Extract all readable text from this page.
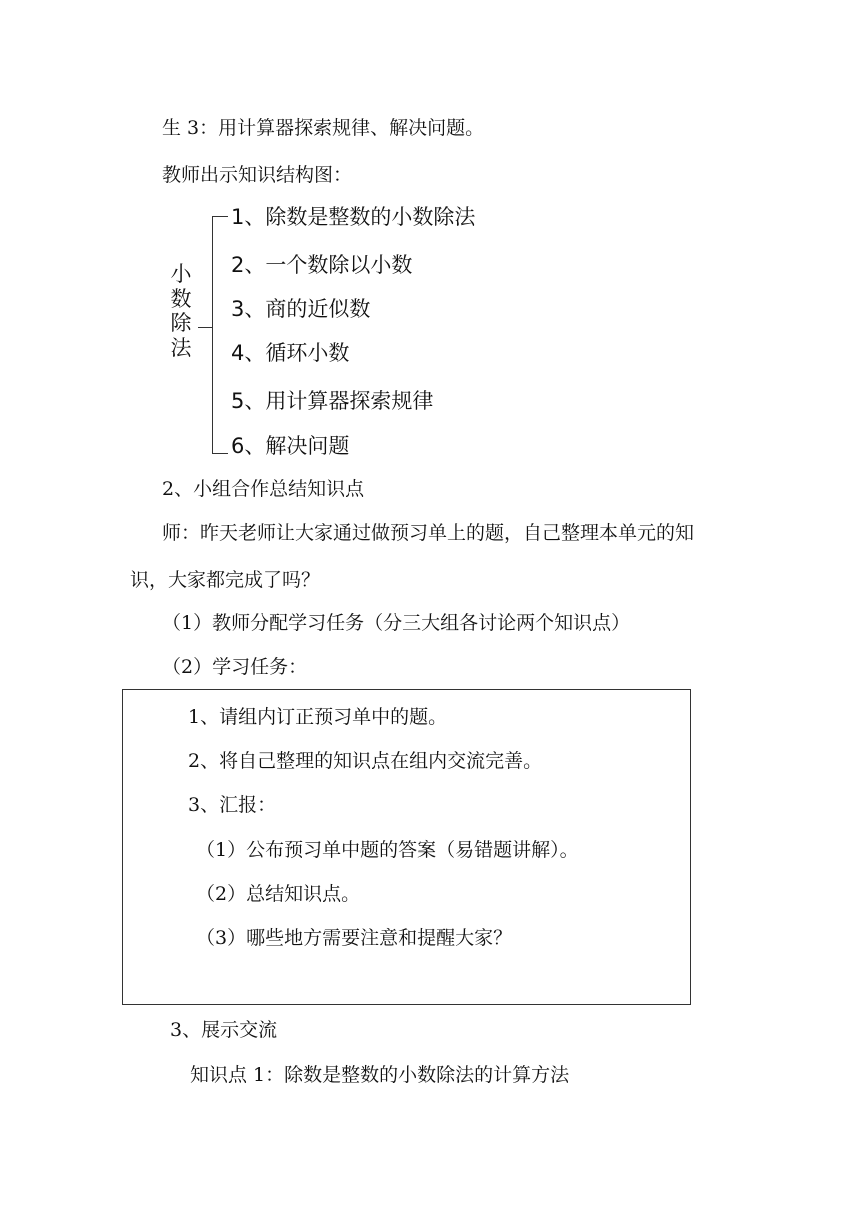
生 3：用计算器探索规律、解决问题。
教师出示知识结构图：
小
数
除
法
1、除数是整数的小数除法
2、一个数除以小数
3、商的近似数
4、循环小数
5、用计算器探索规律
6、解决问题
2、小组合作总结知识点
师：昨天老师让大家通过做预习单上的题，自己整理本单元的知
识，大家都完成了吗？
（1）教师分配学习任务（分三大组各讨论两个知识点）
（2）学习任务：
1、请组内订正预习单中的题。
2、将自己整理的知识点在组内交流完善。
3、汇报：
（1）公布预习单中题的答案（易错题讲解）。
（2）总结知识点。
（3）哪些地方需要注意和提醒大家？
3、展示交流
知识点 1：除数是整数的小数除法的计算方法
